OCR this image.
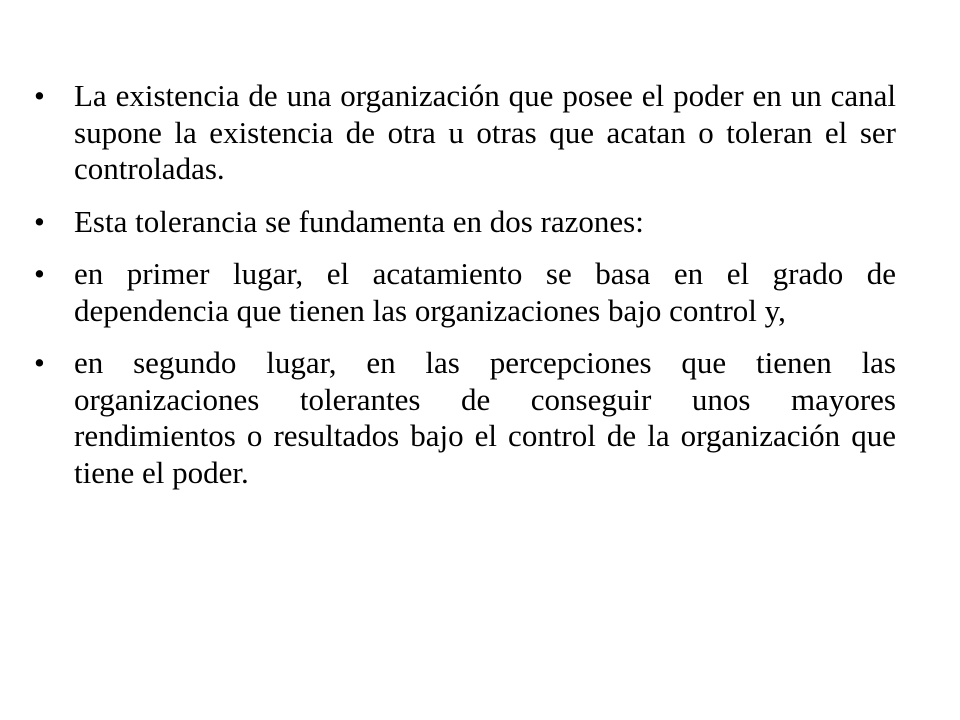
• La existencia de una organización que posee el poder en un canal supone la existencia de otra u otras que acatan o toleran el ser controladas.
• Esta tolerancia se fundamenta en dos razones:
• en primer lugar, el acatamiento se basa en el grado de dependencia que tienen las organizaciones bajo control y,
• en segundo lugar, en las percepciones que tienen las organizaciones tolerantes de conseguir unos mayores rendimientos o resultados bajo el control de la organización que tiene el poder.
